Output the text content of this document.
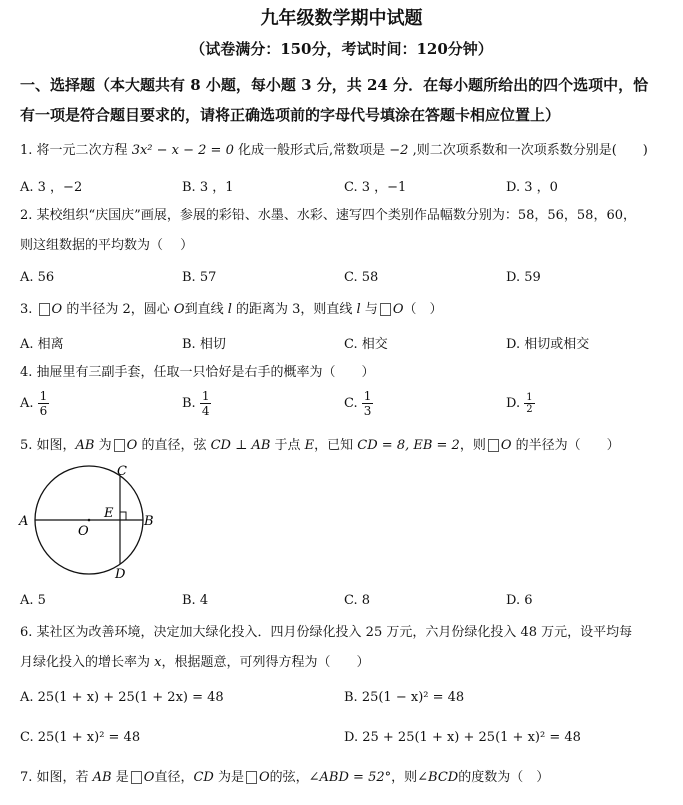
九年级数学期中试题
（试卷满分：150分，考试时间：120分钟）
一、选择题（本大题共有 8 小题，每小题 3 分，共 24 分．在每小题所给出的四个选项中，恰
有一项是符合题目要求的，请将正确选项前的字母代号填涂在答题卡相应位置上）
1. 将一元二次方程 3x² − x − 2 = 0 化成一般形式后,常数项是 −2 ,则二次项系数和一次项系数分别是(　　)
A. 3 ，−2	B. 3 ，1	C. 3 ，−1	D. 3 ，0
2. 某校组织“庆国庆”画展，参展的彩铅、水墨、水彩、速写四个类别作品幅数分别为：58，56，58，60，
则这组数据的平均数为（　 ）
A. 56	B. 57	C. 58	D. 59
3. O 的半径为 2，圆心 O到直线 l 的距离为 3，则直线 l 与 O（　）
A. 相离	B. 相切	C. 相交	D. 相切或相交
4. 抽屉里有三副手套，任取一只恰好是右手的概率为（　　）
A. $\frac{1}{6}$	B. $\frac{1}{4}$	C. $\frac{1}{3}$	D. $\frac{1}{2}$
5. 如图，AB 为 O 的直径，弦 CD ⊥ AB 于点 E，已知 CD = 8, EB = 2，则 O 的半径为（　　）
A	B
C
D
E
O
A. 5	B. 4	C. 8	D. 6
6. 某社区为改善环境，决定加大绿化投入．四月份绿化投入 25 万元，六月份绿化投入 48 万元，设平均每
月绿化投入的增长率为 x，根据题意，可列得方程为（　　）
A. 25(1 + x) + 25(1 + 2x) = 48	B. 25(1 − x)² = 48
C. 25(1 + x)² = 48	D. 25 + 25(1 + x) + 25(1 + x)² = 48
7. 如图，若 AB 是 O直径，CD 为是 O的弦，∠ABD = 52°，则∠BCD的度数为（　）
